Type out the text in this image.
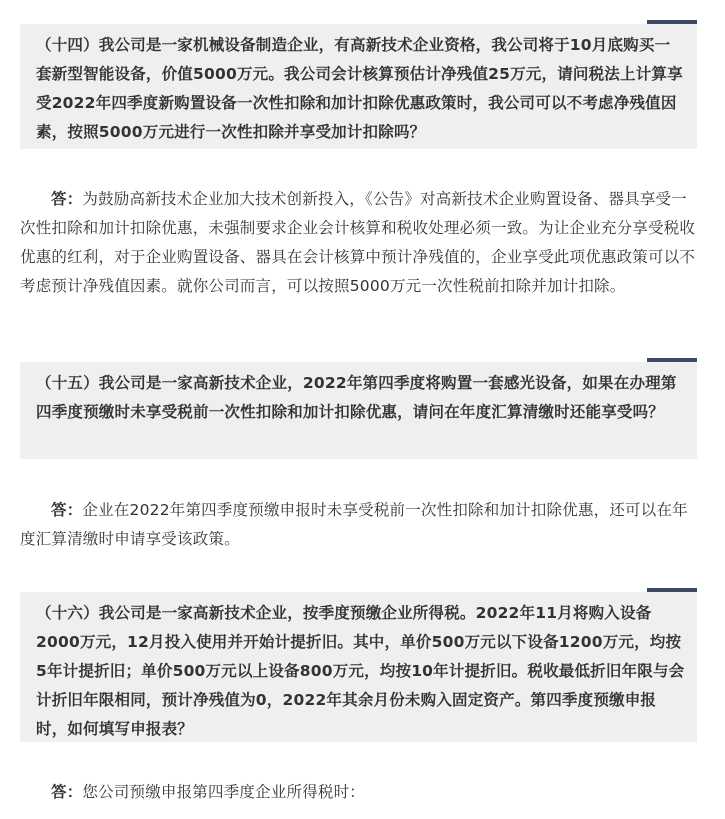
（十四）我公司是一家机械设备制造企业，有高新技术企业资格，我公司将于10月底购买一套新型智能设备，价值5000万元。我公司会计核算预估计净残值25万元，请问税法上计算享受2022年四季度新购置设备一次性扣除和加计扣除优惠政策时，我公司可以不考虑净残值因素，按照5000万元进行一次性扣除并享受加计扣除吗？

答：为鼓励高新技术企业加大技术创新投入，《公告》对高新技术企业购置设备、器具享受一次性扣除和加计扣除优惠，未强制要求企业会计核算和税收处理必须一致。为让企业充分享受税收优惠的红利，对于企业购置设备、器具在会计核算中预计净残值的，企业享受此项优惠政策可以不考虑预计净残值因素。就你公司而言，可以按照5000万元一次性税前扣除并加计扣除。

（十五）我公司是一家高新技术企业，2022年第四季度将购置一套感光设备，如果在办理第四季度预缴时未享受税前一次性扣除和加计扣除优惠，请问在年度汇算清缴时还能享受吗？

答：企业在2022年第四季度预缴申报时未享受税前一次性扣除和加计扣除优惠，还可以在年度汇算清缴时申请享受该政策。

（十六）我公司是一家高新技术企业，按季度预缴企业所得税。2022年11月将购入设备2000万元，12月投入使用并开始计提折旧。其中，单价500万元以下设备1200万元，均按5年计提折旧；单价500万元以上设备800万元，均按10年计提折旧。税收最低折旧年限与会计折旧年限相同，预计净残值为0，2022年其余月份未购入固定资产。第四季度预缴申报时，如何填写申报表？

答：您公司预缴申报第四季度企业所得税时：
